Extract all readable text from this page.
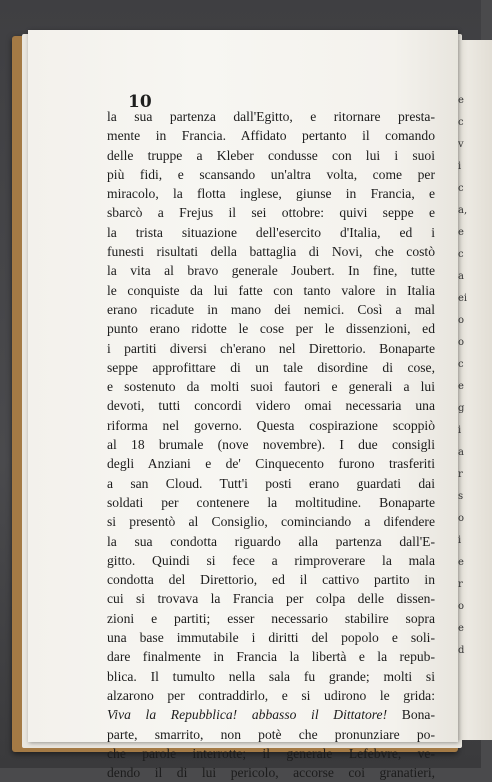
e
c
v
i
c
a,
e
c
a
ei
o
o
c
e
g
i
a
r
s
o
i
e
r
o
e
d
10
la sua partenza dall'Egitto, e ritornare presta-
mente in Francia. Affidato pertanto il comando
delle truppe a Kleber condusse con lui i suoi
più fidi, e scansando un'altra volta, come per
miracolo, la flotta inglese, giunse in Francia, e
sbarcò a Frejus il sei ottobre: quivi seppe e
la trista situazione dell'esercito d'Italia, ed i
funesti risultati della battaglia di Novi, che costò
la vita al bravo generale Joubert. In fine, tutte
le conquiste da lui fatte con tanto valore in Italia
erano ricadute in mano dei nemici. Così a mal
punto erano ridotte le cose per le dissenzioni, ed
i partiti diversi ch'erano nel Direttorio. Bonaparte
seppe approfittare di un tale disordine di cose,
e sostenuto da molti suoi fautori e generali a lui
devoti, tutti concordi videro omai necessaria una
riforma nel governo. Questa cospirazione scoppiò
al 18 brumale (nove novembre). I due consigli
degli Anziani e de' Cinquecento furono trasferiti
a san Cloud. Tutt'i posti erano guardati dai
soldati per contenere la moltitudine. Bonaparte
si presentò al Consiglio, cominciando a difendere
la sua condotta riguardo alla partenza dall'E-
gitto. Quindi si fece a rimproverare la mala
condotta del Direttorio, ed il cattivo partito in
cui si trovava la Francia per colpa delle dissen-
zioni e partiti; esser necessario stabilire sopra
una base immutabile i diritti del popolo e soli-
dare finalmente in Francia la libertà e la repub-
blica. Il tumulto nella sala fu grande; molti si
alzarono per contraddirlo, e si udirono le grida:
Viva la Repubblica! abbasso il Dittatore! Bona-
parte, smarrito, non potè che pronunziare po-
che parole interrotte; il generale Lefebvre, ve-
dendo il di lui pericolo, accorse coi granatieri,
